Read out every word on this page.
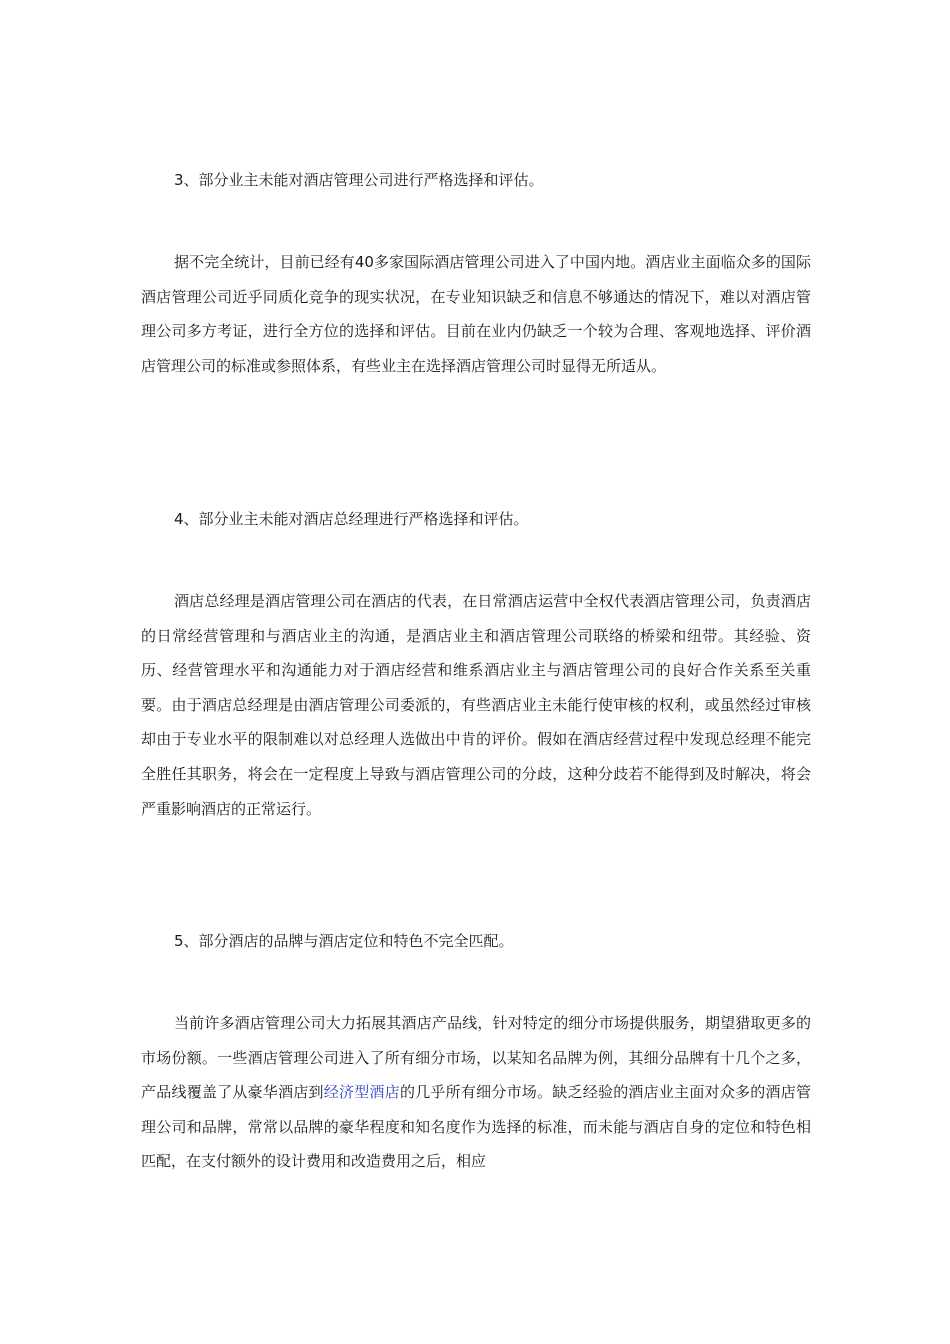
3、部分业主未能对酒店管理公司进行严格选择和评估。

据不完全统计，目前已经有40多家国际酒店管理公司进入了中国内地。酒店业主面临众多的国际酒店管理公司近乎同质化竞争的现实状况，在专业知识缺乏和信息不够通达的情况下，难以对酒店管理公司多方考证，进行全方位的选择和评估。目前在业内仍缺乏一个较为合理、客观地选择、评价酒店管理公司的标准或参照体系，有些业主在选择酒店管理公司时显得无所适从。

4、部分业主未能对酒店总经理进行严格选择和评估。

酒店总经理是酒店管理公司在酒店的代表，在日常酒店运营中全权代表酒店管理公司，负责酒店的日常经营管理和与酒店业主的沟通，是酒店业主和酒店管理公司联络的桥梁和纽带。其经验、资历、经营管理水平和沟通能力对于酒店经营和维系酒店业主与酒店管理公司的良好合作关系至关重要。由于酒店总经理是由酒店管理公司委派的，有些酒店业主未能行使审核的权利，或虽然经过审核却由于专业水平的限制难以对总经理人选做出中肯的评价。假如在酒店经营过程中发现总经理不能完全胜任其职务，将会在一定程度上导致与酒店管理公司的分歧，这种分歧若不能得到及时解决，将会严重影响酒店的正常运行。

5、部分酒店的品牌与酒店定位和特色不完全匹配。

当前许多酒店管理公司大力拓展其酒店产品线，针对特定的细分市场提供服务，期望猎取更多的市场份额。一些酒店管理公司进入了所有细分市场，以某知名品牌为例，其细分品牌有十几个之多，产品线覆盖了从豪华酒店到经济型酒店的几乎所有细分市场。缺乏经验的酒店业主面对众多的酒店管理公司和品牌，常常以品牌的豪华程度和知名度作为选择的标准，而未能与酒店自身的定位和特色相匹配，在支付额外的设计费用和改造费用之后，相应
